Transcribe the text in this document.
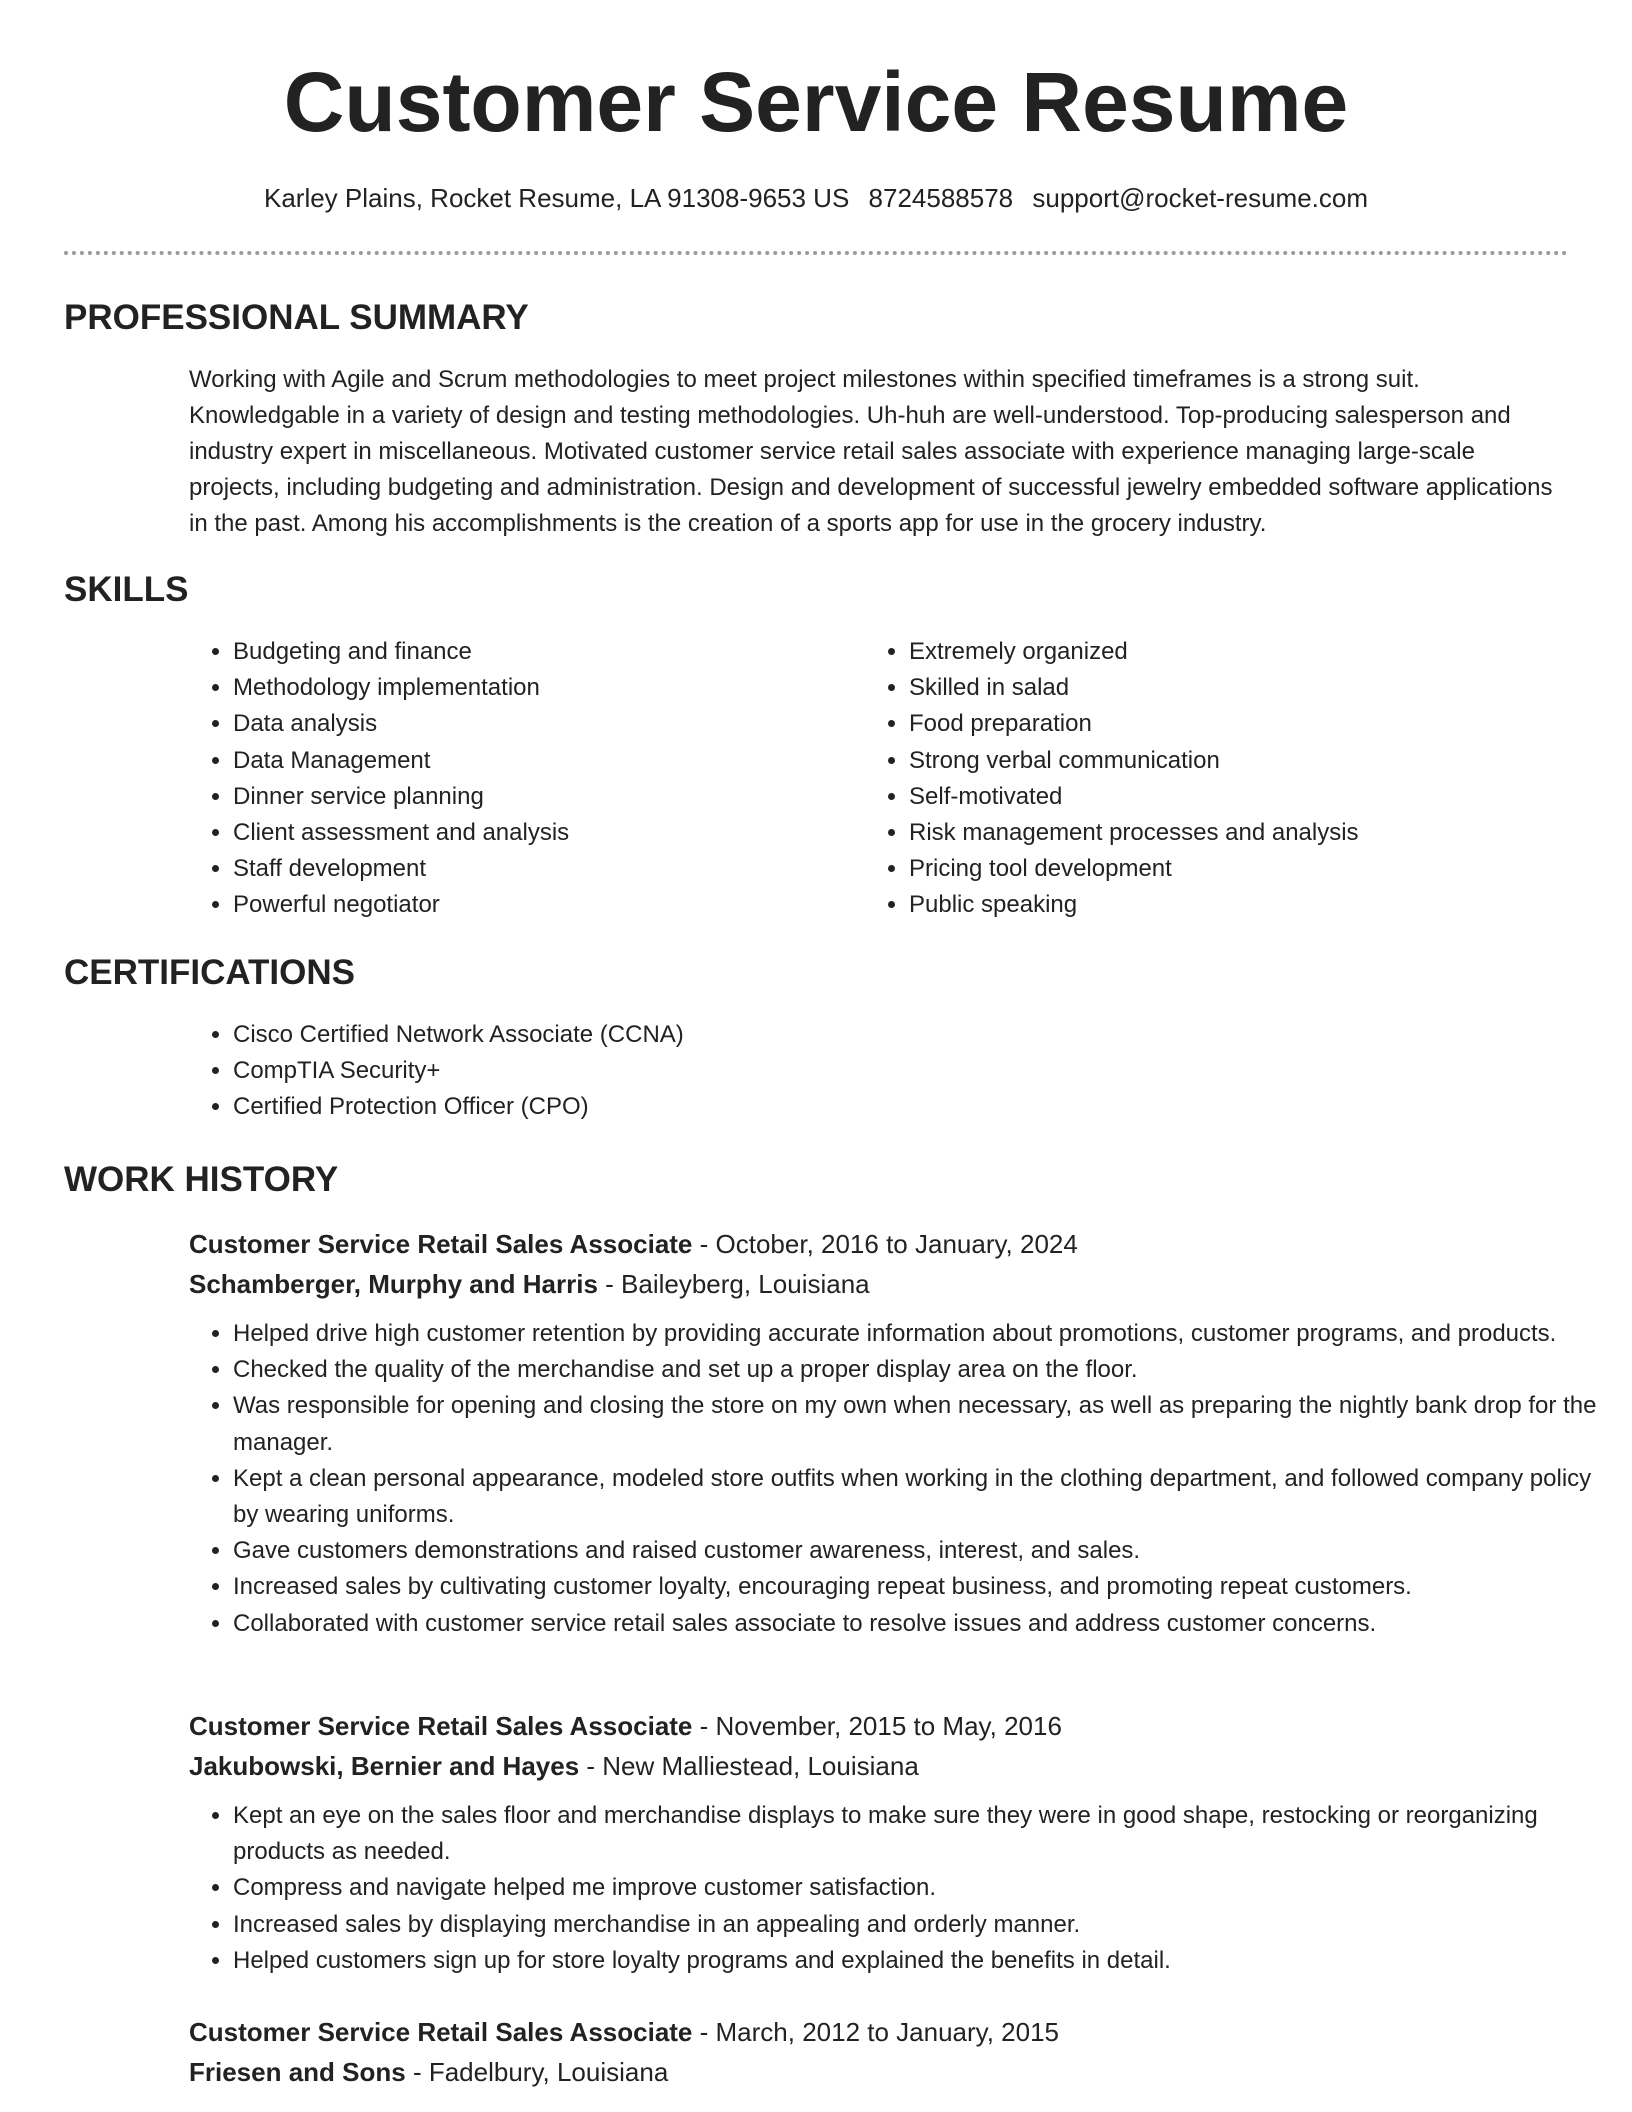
Customer Service Resume
Karley Plains, Rocket Resume, LA 91308-9653 US 8724588578 support@rocket-resume.com
PROFESSIONAL SUMMARY

Working with Agile and Scrum methodologies to meet project milestones within specified timeframes is a strong suit. Knowledgable in a variety of design and testing methodologies. Uh-huh are well-understood. Top-producing salesperson and industry expert in miscellaneous. Motivated customer service retail sales associate with experience managing large-scale projects, including budgeting and administration. Design and development of successful jewelry embedded software applications in the past. Among his accomplishments is the creation of a sports app for use in the grocery industry.

SKILLS
• Budgeting and finance
• Methodology implementation
• Data analysis
• Data Management
• Dinner service planning
• Client assessment and analysis
• Staff development
• Powerful negotiator
• Extremely organized
• Skilled in salad
• Food preparation
• Strong verbal communication
• Self-motivated
• Risk management processes and analysis
• Pricing tool development
• Public speaking
CERTIFICATIONS
• Cisco Certified Network Associate (CCNA)
• CompTIA Security+
• Certified Protection Officer (CPO)
WORK HISTORY

Customer Service Retail Sales Associate - October, 2016 to January, 2024

Schamberger, Murphy and Harris - Baileyberg, Louisiana

• Helped drive high customer retention by providing accurate information about promotions, customer programs, and products.
• Checked the quality of the merchandise and set up a proper display area on the floor.
• Was responsible for opening and closing the store on my own when necessary, as well as preparing the nightly bank drop for the manager.
• Kept a clean personal appearance, modeled store outfits when working in the clothing department, and followed company policy by wearing uniforms.
• Gave customers demonstrations and raised customer awareness, interest, and sales.
• Increased sales by cultivating customer loyalty, encouraging repeat business, and promoting repeat customers.
• Collaborated with customer service retail sales associate to resolve issues and address customer concerns.

Customer Service Retail Sales Associate - November, 2015 to May, 2016

Jakubowski, Bernier and Hayes - New Malliestead, Louisiana

• Kept an eye on the sales floor and merchandise displays to make sure they were in good shape, restocking or reorganizing products as needed.
• Compress and navigate helped me improve customer satisfaction.
• Increased sales by displaying merchandise in an appealing and orderly manner.
• Helped customers sign up for store loyalty programs and explained the benefits in detail.

Customer Service Retail Sales Associate - March, 2012 to January, 2015

Friesen and Sons - Fadelbury, Louisiana
